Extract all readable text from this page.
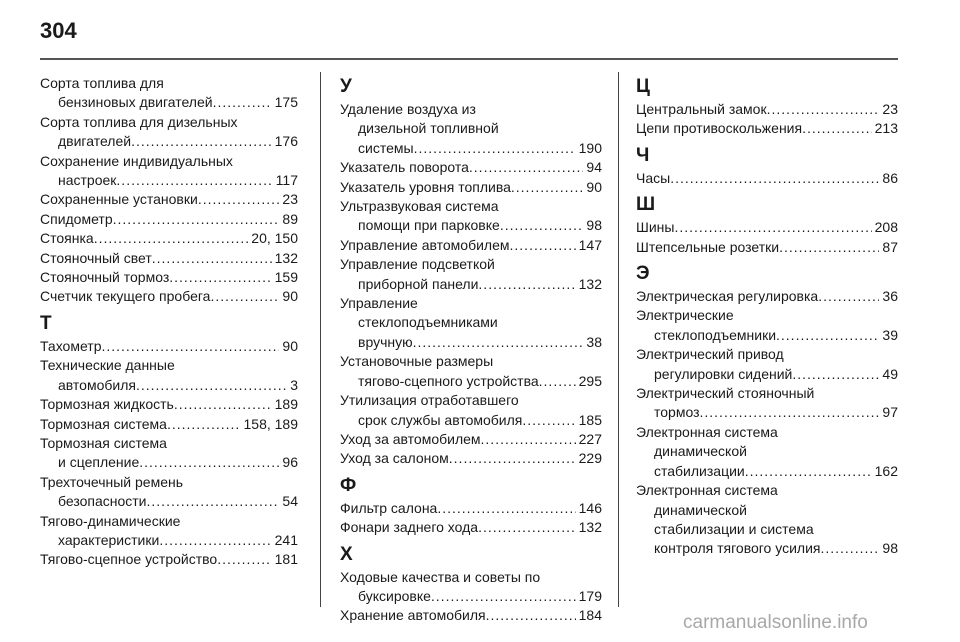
304
Сорта топлива для
бензиновых двигателей .....	175
Сорта топлива для дизельных
двигателей .....	176
Сохранение индивидуальных
настроек .....	117
Сохраненные установки .....	23
Спидометр .....	89
Стоянка .....	20, 150
Стояночный свет .....	132
Стояночный тормоз .....	159
Счетчик текущего пробега .....	90
Т
Тахометр .....	90
Технические данные
автомобиля .....	3
Тормозная жидкость .....	189
Тормозная система .....	158, 189
Тормозная система
и сцепление .....	96
Трехточечный ремень
безопасности .....	54
Тягово-динамические
характеристики .....	241
Тягово-сцепное устройство .....	181
У
Удаление воздуха из
дизельной топливной
системы .....	190
Указатель поворота .....	94
Указатель уровня топлива .....	90
Ультразвуковая система
помощи при парковке .....	98
Управление автомобилем .....	147
Управление подсветкой
приборной панели .....	132
Управление
стеклоподъемниками
вручную .....	38
Установочные размеры
тягово-сцепного устройства .....	295
Утилизация отработавшего
срок службы автомобиля .....	185
Уход за автомобилем .....	227
Уход за салоном .....	229
Ф
Фильтр салона .....	146
Фонари заднего хода .....	132
Х
Ходовые качества и советы по
буксировке .....	179
Хранение автомобиля .....	184
Ц
Центральный замок .....	23
Цепи противоскольжения .....	213
Ч
Часы .....	86
Ш
Шины .....	208
Штепсельные розетки .....	87
Э
Электрическая регулировка .....	36
Электрические
стеклоподъемники .....	39
Электрический привод
регулировки сидений .....	49
Электрический стояночный
тормоз .....	97
Электронная система
динамической
стабилизации .....	162
Электронная система
динамической
стабилизации и система
контроля тягового усилия .....	98
carmanualsonline.info
